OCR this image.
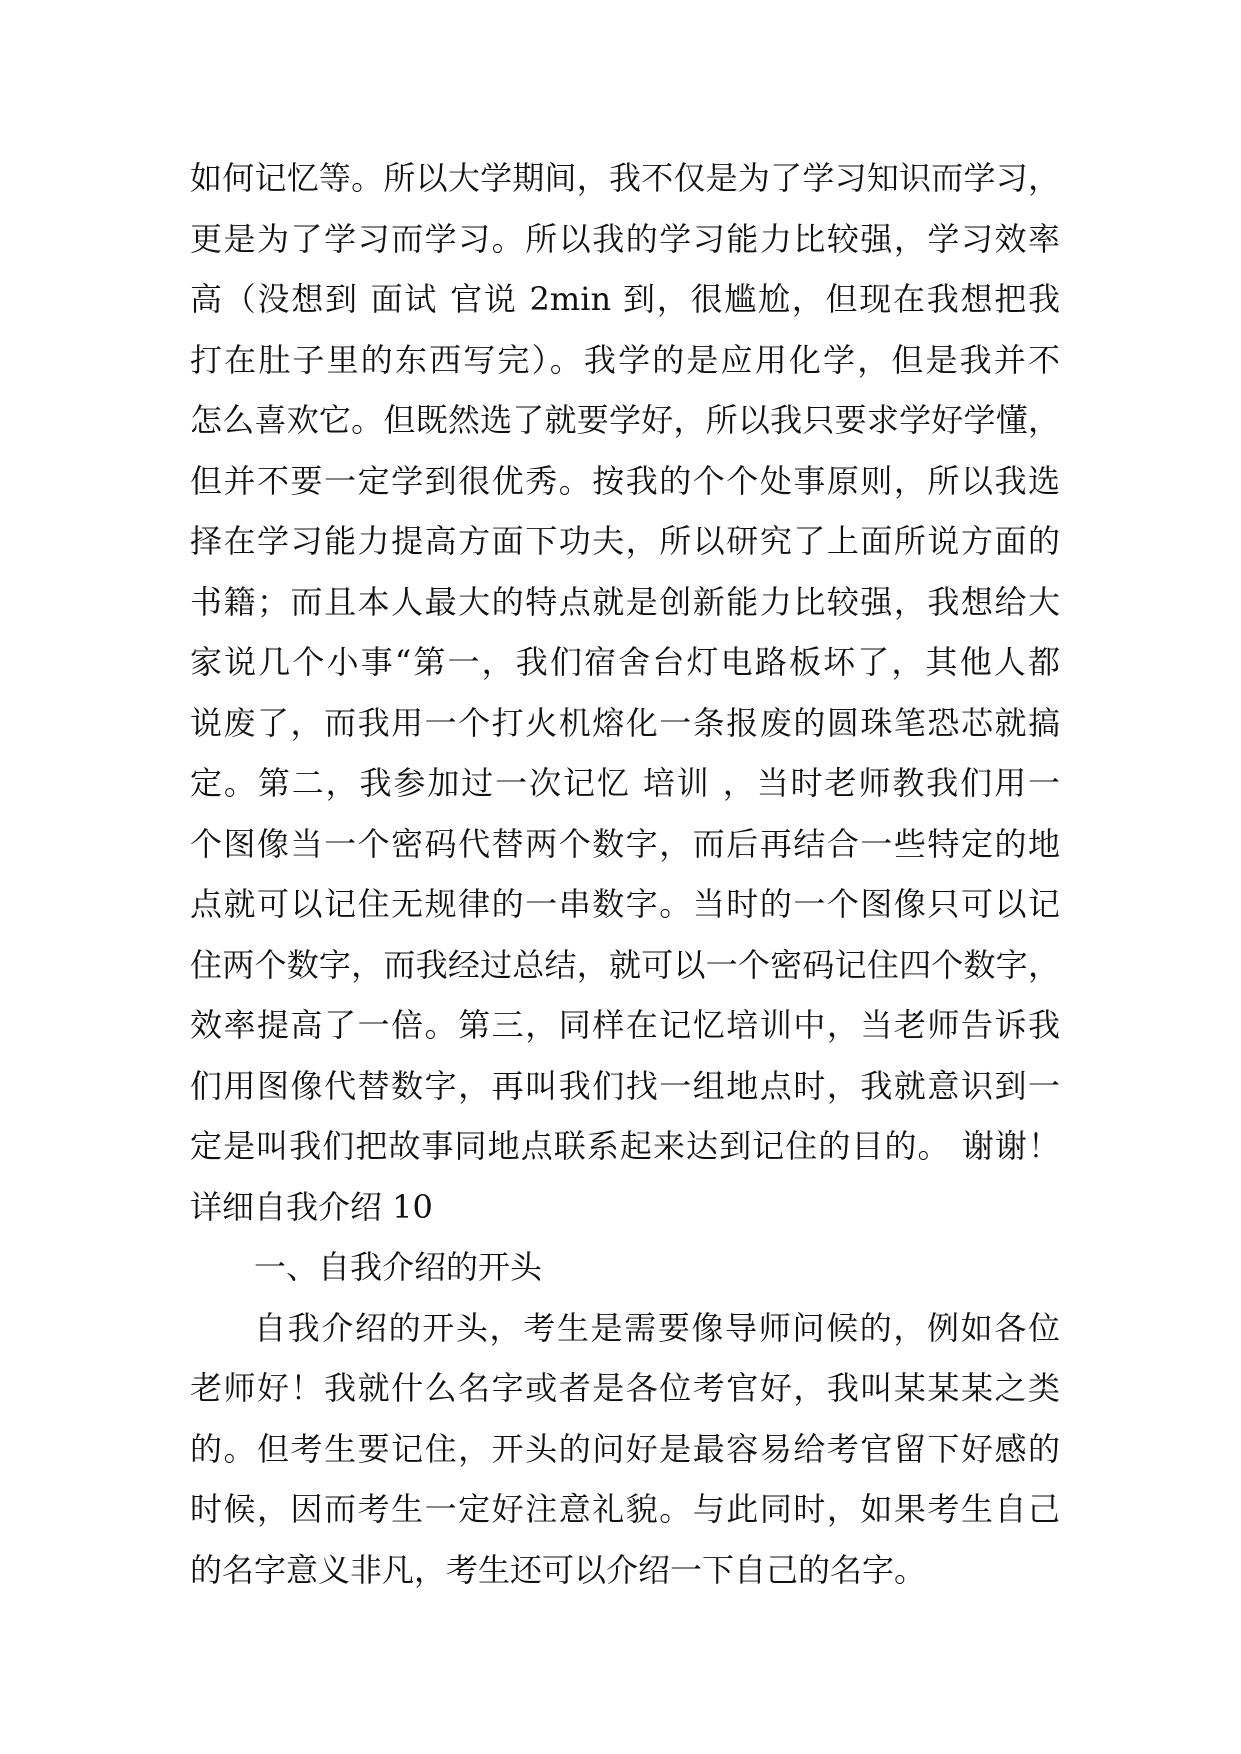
如何记忆等。所以大学期间，我不仅是为了学习知识而学习，
更是为了学习而学习。所以我的学习能力比较强，学习效率
高（没想到 面试 官说 2min 到，很尴尬，但现在我想把我
打在肚子里的东西写完）。我学的是应用化学，但是我并不
怎么喜欢它。但既然选了就要学好，所以我只要求学好学懂，
但并不要一定学到很优秀。按我的个个处事原则，所以我选
择在学习能力提高方面下功夫，所以研究了上面所说方面的
书籍；而且本人最大的特点就是创新能力比较强，我想给大
家说几个小事“第一，我们宿舍台灯电路板坏了，其他人都
说废了，而我用一个打火机熔化一条报废的圆珠笔恐芯就搞
定。第二，我参加过一次记忆 培训 ，当时老师教我们用一
个图像当一个密码代替两个数字，而后再结合一些特定的地
点就可以记住无规律的一串数字。当时的一个图像只可以记
住两个数字，而我经过总结，就可以一个密码记住四个数字，
效率提高了一倍。第三，同样在记忆培训中，当老师告诉我
们用图像代替数字，再叫我们找一组地点时，我就意识到一
定是叫我们把故事同地点联系起来达到记住的目的。 谢谢！
详细自我介绍 10
一、自我介绍的开头
自我介绍的开头，考生是需要像导师问候的，例如各位
老师好！我就什么名字或者是各位考官好，我叫某某某之类
的。但考生要记住，开头的问好是最容易给考官留下好感的
时候，因而考生一定好注意礼貌。与此同时，如果考生自己
的名字意义非凡，考生还可以介绍一下自己的名字。
